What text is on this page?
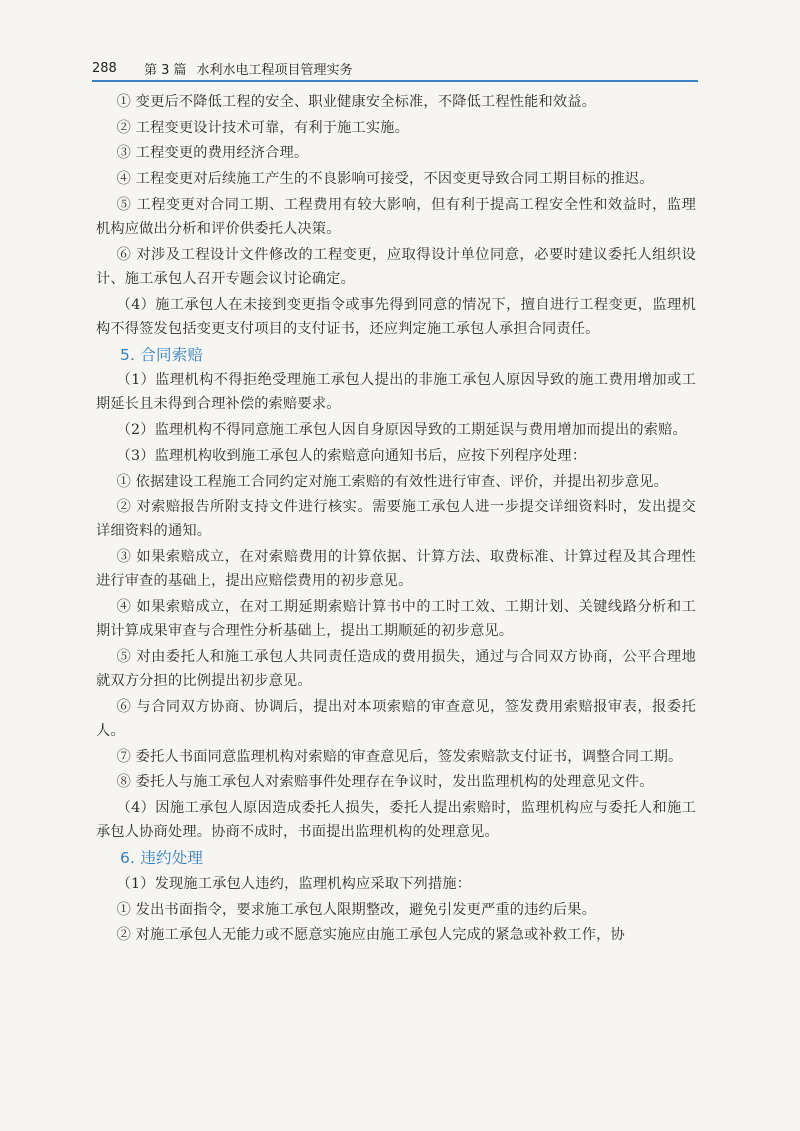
288	第 3 篇 水利水电工程项目管理实务

① 变更后不降低工程的安全、职业健康安全标准，不降低工程性能和效益。

② 工程变更设计技术可靠，有利于施工实施。

③ 工程变更的费用经济合理。

④ 工程变更对后续施工产生的不良影响可接受，不因变更导致合同工期目标的推迟。

⑤ 工程变更对合同工期、工程费用有较大影响，但有利于提高工程安全性和效益时，监理机构应做出分析和评价供委托人决策。

⑥ 对涉及工程设计文件修改的工程变更，应取得设计单位同意，必要时建议委托人组织设计、施工承包人召开专题会议讨论确定。

（4）施工承包人在未接到变更指令或事先得到同意的情况下，擅自进行工程变更，监理机构不得签发包括变更支付项目的支付证书，还应判定施工承包人承担合同责任。

5. 合同索赔

（1）监理机构不得拒绝受理施工承包人提出的非施工承包人原因导致的施工费用增加或工期延长且未得到合理补偿的索赔要求。

（2）监理机构不得同意施工承包人因自身原因导致的工期延误与费用增加而提出的索赔。

（3）监理机构收到施工承包人的索赔意向通知书后，应按下列程序处理：

① 依据建设工程施工合同约定对施工索赔的有效性进行审查、评价，并提出初步意见。

② 对索赔报告所附支持文件进行核实。需要施工承包人进一步提交详细资料时，发出提交详细资料的通知。

③ 如果索赔成立，在对索赔费用的计算依据、计算方法、取费标准、计算过程及其合理性进行审查的基础上，提出应赔偿费用的初步意见。

④ 如果索赔成立，在对工期延期索赔计算书中的工时工效、工期计划、关键线路分析和工期计算成果审查与合理性分析基础上，提出工期顺延的初步意见。

⑤ 对由委托人和施工承包人共同责任造成的费用损失，通过与合同双方协商，公平合理地就双方分担的比例提出初步意见。

⑥ 与合同双方协商、协调后，提出对本项索赔的审查意见，签发费用索赔报审表，报委托人。

⑦ 委托人书面同意监理机构对索赔的审查意见后，签发索赔款支付证书，调整合同工期。

⑧ 委托人与施工承包人对索赔事件处理存在争议时，发出监理机构的处理意见文件。

（4）因施工承包人原因造成委托人损失，委托人提出索赔时，监理机构应与委托人和施工承包人协商处理。协商不成时，书面提出监理机构的处理意见。

6. 违约处理

（1）发现施工承包人违约，监理机构应采取下列措施：

① 发出书面指令，要求施工承包人限期整改，避免引发更严重的违约后果。

② 对施工承包人无能力或不愿意实施应由施工承包人完成的紧急或补救工作，协
